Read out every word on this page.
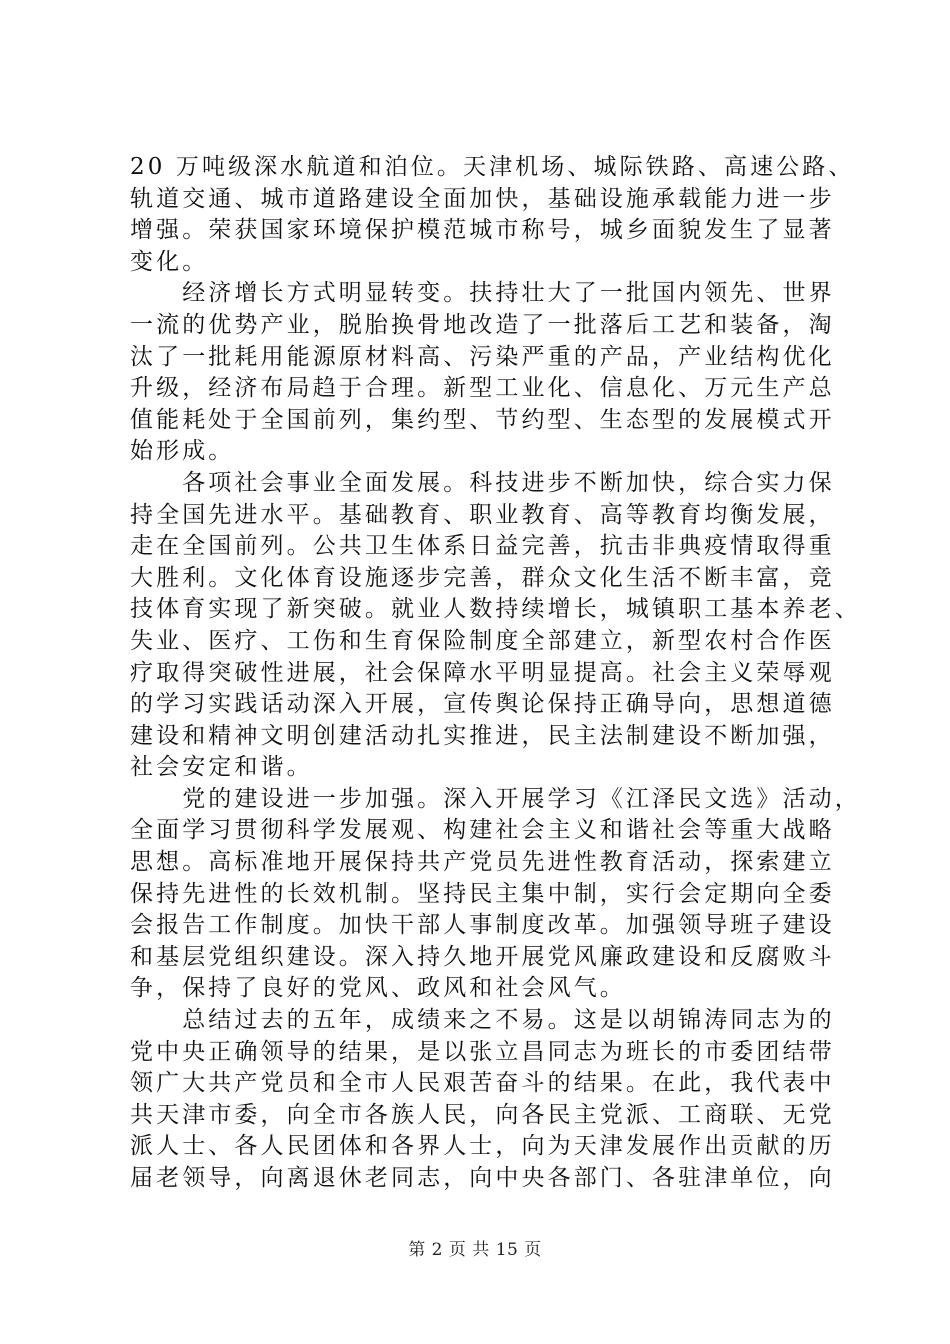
20 万吨级深水航道和泊位。天津机场、城际铁路、高速公路、
轨道交通、城市道路建设全面加快，基础设施承载能力进一步
增强。荣获国家环境保护模范城市称号，城乡面貌发生了显著
变化。

　　经济增长方式明显转变。扶持壮大了一批国内领先、世界
一流的优势产业，脱胎换骨地改造了一批落后工艺和装备，淘
汰了一批耗用能源原材料高、污染严重的产品，产业结构优化
升级，经济布局趋于合理。新型工业化、信息化、万元生产总
值能耗处于全国前列，集约型、节约型、生态型的发展模式开
始形成。

　　各项社会事业全面发展。科技进步不断加快，综合实力保
持全国先进水平。基础教育、职业教育、高等教育均衡发展，
走在全国前列。公共卫生体系日益完善，抗击非典疫情取得重
大胜利。文化体育设施逐步完善，群众文化生活不断丰富，竞
技体育实现了新突破。就业人数持续增长，城镇职工基本养老、
失业、医疗、工伤和生育保险制度全部建立，新型农村合作医
疗取得突破性进展，社会保障水平明显提高。社会主义荣辱观
的学习实践话动深入开展，宣传舆论保持正确导向，思想道德
建设和精神文明创建活动扎实推进，民主法制建设不断加强，
社会安定和谐。

　　党的建设进一步加强。深入开展学习《江泽民文选》活动，
全面学习贯彻科学发展观、构建社会主义和谐社会等重大战略
思想。高标准地开展保持共产党员先进性教育活动，探索建立
保持先进性的长效机制。坚持民主集中制，实行会定期向全委
会报告工作制度。加快干部人事制度改革。加强领导班子建设
和基层党组织建设。深入持久地开展党风廉政建设和反腐败斗
争，保持了良好的党风、政风和社会风气。

　　总结过去的五年，成绩来之不易。这是以胡锦涛同志为的
党中央正确领导的结果，是以张立昌同志为班长的市委团结带
领广大共产党员和全市人民艰苦奋斗的结果。在此，我代表中
共天津市委，向全市各族人民，向各民主党派、工商联、无党
派人士、各人民团体和各界人士，向为天津发展作出贡献的历
届老领导，向离退休老同志，向中央各部门、各驻津单位，向

第 2 页 共 15 页
